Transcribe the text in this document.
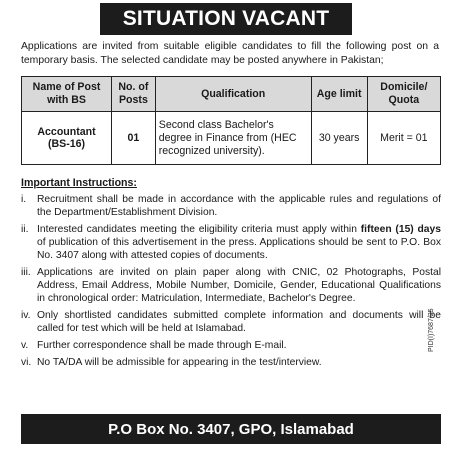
SITUATION VACANT
Applications are invited from suitable eligible candidates to fill the following post on a temporary basis. The selected candidate may be posted anywhere in Pakistan;
Name of Post with BS	No. of Posts	Qualification	Age limit	Domicile/ Quota

Accountant
(BS-16)	01	Second class Bachelor's degree in Finance from (HEC recognized university).	30 years	Merit = 01
Important Instructions:
i.	Recruitment shall be made in accordance with the applicable rules and regulations of the Department/Establishment Division.
ii. Interested candidates meeting the eligibility criteria must apply within fifteen (15) days of publication of this advertisement in the press. Applications should be sent to P.O. Box No. 3407 along with attested copies of documents.
iii. Applications are invited on plain paper along with CNIC, 02 Photographs, Postal Address, Email Address, Mobile Number, Domicile, Gender, Educational Qualifications in chronological order: Matriculation, Intermediate, Bachelor's Degree.
iv. Only shortlisted candidates submitted complete information and documents will be called for test which will be held at Islamabad.
v. Further correspondence shall be made through E-mail.
vi. No TA/DA will be admissible for appearing in the test/interview.
PID(I)7687/25
P.O Box No. 3407, GPO, Islamabad
